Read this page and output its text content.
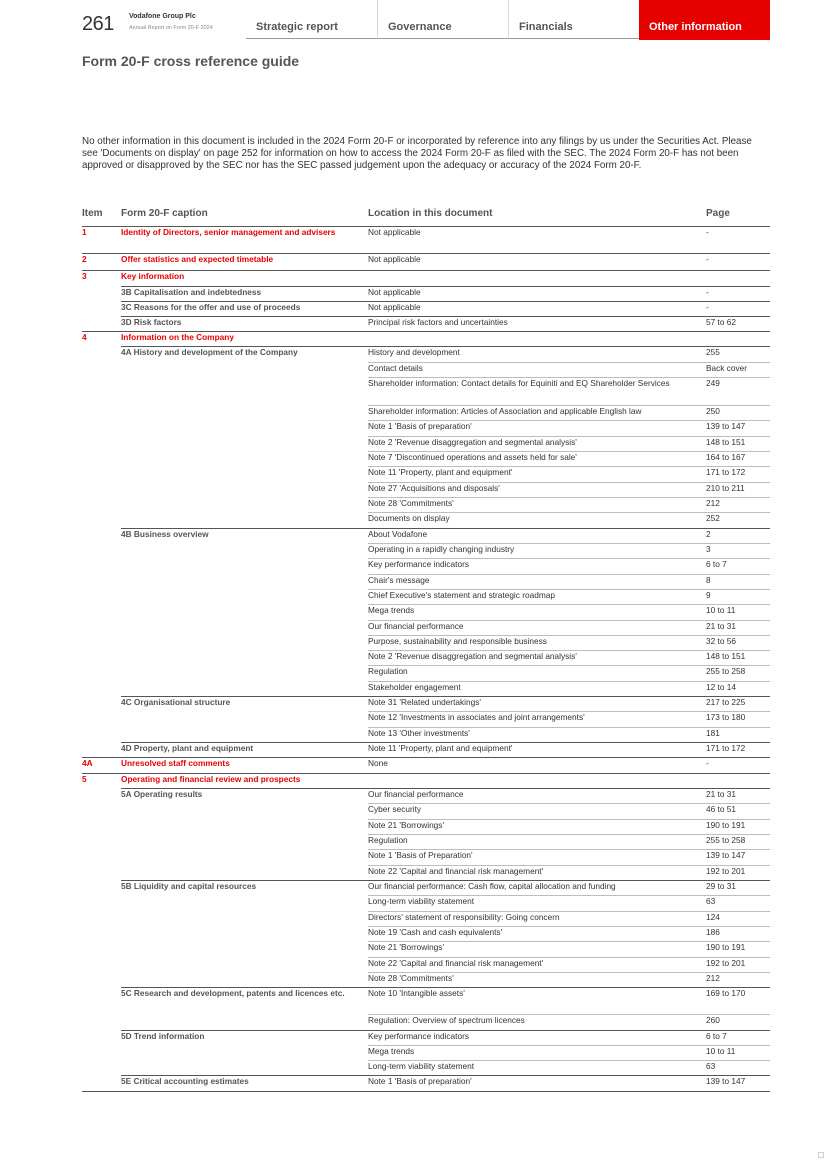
261 Vodafone Group Plc
Annual Report on Form 20-F 2024	Strategic report	Governance	Financials	Other information
Form 20-F cross reference guide
No other information in this document is included in the 2024 Form 20-F or incorporated by reference into any filings by us under the Securities Act. Please see 'Documents on display' on page 252 for information on how to access the 2024 Form 20-F as filed with the SEC. The 2024 Form 20-F has not been approved or disapproved by the SEC nor has the SEC passed judgement upon the adequacy or accuracy of the 2024 Form 20-F.
Item Form 20-F caption	Location in this document	Page
1	Identity of Directors, senior management and advisers	Not applicable	-
2	Offer statistics and expected timetable	Not applicable	-
3	Key information
3B Capitalisation and indebtedness	Not applicable	-
3C Reasons for the offer and use of proceeds	Not applicable	-
3D Risk factors	Principal risk factors and uncertainties	57 to 62
4	Information on the Company
4A History and development of the Company	History and development	255
Contact details	Back cover
Shareholder information: Contact details for Equiniti and EQ Shareholder Services	249
Shareholder information: Articles of Association and applicable English law	250
Note 1 'Basis of preparation'	139 to 147
Note 2 'Revenue disaggregation and segmental analysis'	148 to 151
Note 7 'Discontinued operations and assets held for sale'	164 to 167
Note 11 'Property, plant and equipment'	171 to 172
Note 27 'Acquisitions and disposals'	210 to 211
Note 28 'Commitments'	212
Documents on display	252
4B Business overview	About Vodafone	2
Operating in a rapidly changing industry	3
Key performance indicators	6 to 7
Chair's message	8
Chief Executive's statement and strategic roadmap	9
Mega trends	10 to 11
Our financial performance	21 to 31
Purpose, sustainability and responsible business	32 to 56
Note 2 'Revenue disaggregation and segmental analysis'	148 to 151
Regulation	255 to 258
Stakeholder engagement	12 to 14
4C Organisational structure	Note 31 'Related undertakings'	217 to 225
Note 12 'Investments in associates and joint arrangements'	173 to 180
Note 13 'Other investments'	181
4D Property, plant and equipment	Note 11 'Property, plant and equipment'	171 to 172
4A	Unresolved staff comments	None	-
5	Operating and financial review and prospects
5A Operating results	Our financial performance	21 to 31
Cyber security	46 to 51
Note 21 'Borrowings'	190 to 191
Regulation	255 to 258
Note 1 'Basis of Preparation'	139 to 147
Note 22 'Capital and financial risk management'	192 to 201
5B Liquidity and capital resources	Our financial performance: Cash flow, capital allocation and funding	29 to 31
Long-term viability statement	63
Directors' statement of responsibility: Going concern	124
Note 19 'Cash and cash equivalents'	186
Note 21 'Borrowings'	190 to 191
Note 22 'Capital and financial risk management'	192 to 201
Note 28 'Commitments'	212
5C Research and development, patents and licences etc.	Note 10 'Intangible assets'	169 to 170
Regulation: Overview of spectrum licences	260
5D Trend information	Key performance indicators	6 to 7
Mega trends	10 to 11
Long-term viability statement	63
5E Critical accounting estimates	Note 1 'Basis of preparation'	139 to 147
